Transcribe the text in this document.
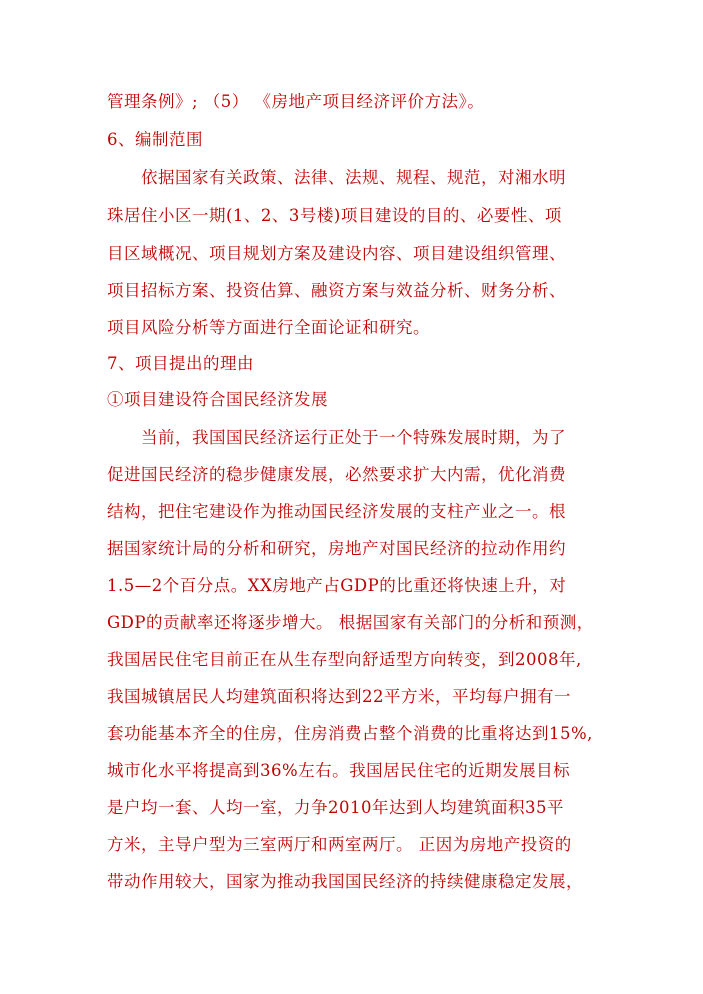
管理条例》; （5） 《房地产项目经济评价方法》。
6、编制范围
　　依据国家有关政策、法律、法规、规程、规范，对湘水明
珠居住小区一期(1、2、3号楼)项目建设的目的、必要性、项
目区域概况、项目规划方案及建设内容、项目建设组织管理、
项目招标方案、投资估算、融资方案与效益分析、财务分析、
项目风险分析等方面进行全面论证和研究。
7、项目提出的理由
①项目建设符合国民经济发展
　　当前，我国国民经济运行正处于一个特殊发展时期，为了
促进国民经济的稳步健康发展，必然要求扩大内需，优化消费
结构，把住宅建设作为推动国民经济发展的支柱产业之一。根
据国家统计局的分析和研究，房地产对国民经济的拉动作用约
1.5—2个百分点。XX房地产占GDP的比重还将快速上升，对
GDP的贡献率还将逐步增大。 根据国家有关部门的分析和预测，
我国居民住宅目前正在从生存型向舒适型方向转变，到2008年,
我国城镇居民人均建筑面积将达到22平方米，平均每户拥有一
套功能基本齐全的住房，住房消费占整个消费的比重将达到15%,
城市化水平将提高到36%左右。我国居民住宅的近期发展目标
是户均一套、人均一室，力争2010年达到人均建筑面积35平
方米，主导户型为三室两厅和两室两厅。 正因为房地产投资的
带动作用较大，国家为推动我国国民经济的持续健康稳定发展，
